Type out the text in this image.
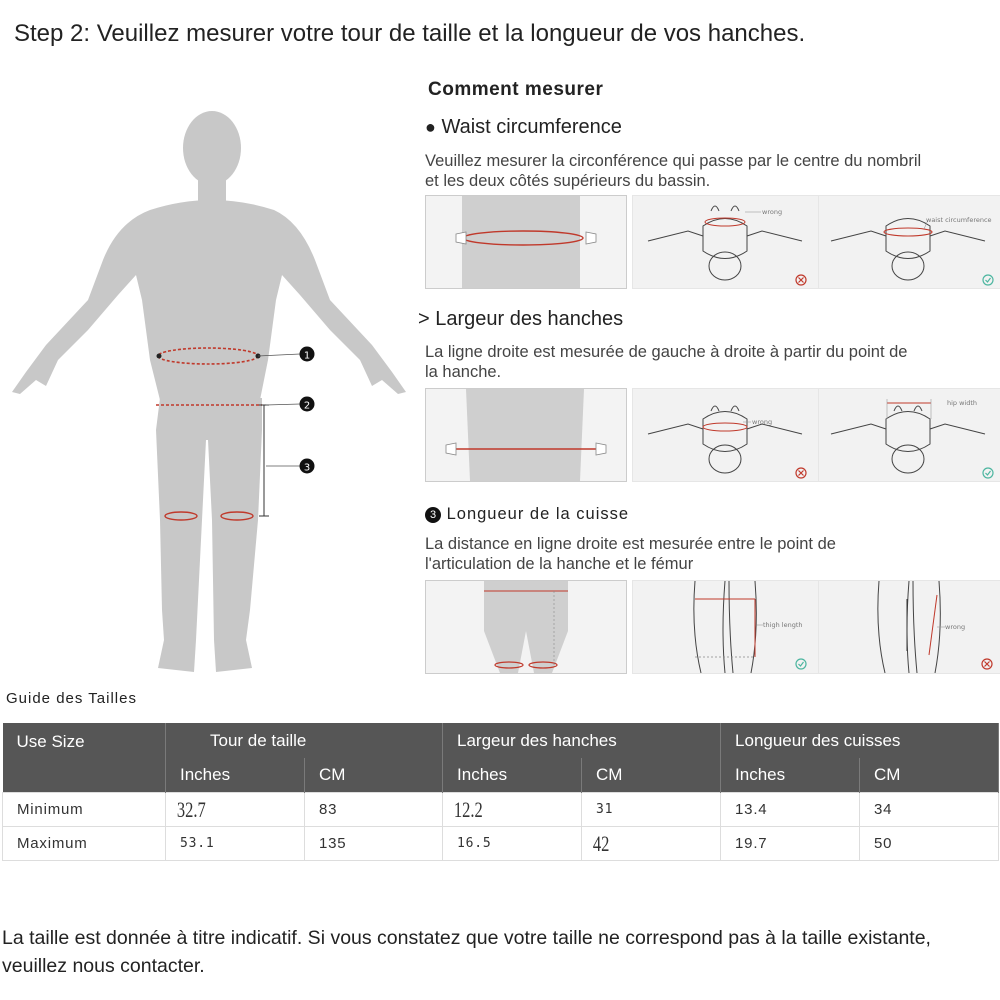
Step 2: Veuillez mesurer votre tour de taille et la longueur de vos hanches.
1
2
3
Comment mesurer
● Waist circumference
Veuillez mesurer la circonférence qui passe par le centre du nombril
et les deux côtés supérieurs du bassin.
wrong
waist circumference
> Largeur des hanches
La ligne droite est mesurée de gauche à droite à partir du point de
la hanche.
wrong
hip width
3 Longueur de la cuisse
La distance en ligne droite est mesurée entre le point de
l'articulation de la hanche et le fémur
thigh length	wrong
Guide des Tailles
Use Size	Tour de taille		Largeur des hanches		Longueur des cuisses	
	Inches	CM	Inches	CM	Inches	CM
Minimum	32.7	83	12.2	31	13.4	34
Maximum	53.1	135	16.5	42	19.7	50
La taille est donnée à titre indicatif. Si vous constatez que votre taille ne correspond pas à la taille existante, veuillez nous contacter.
